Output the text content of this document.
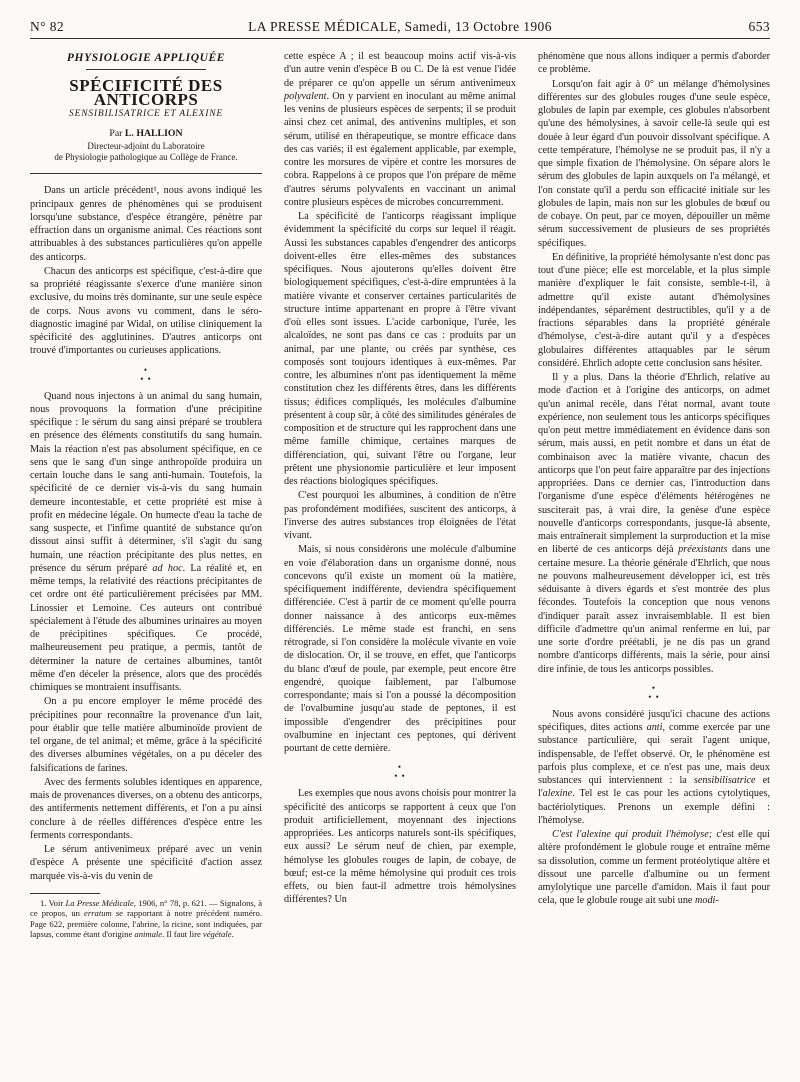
N° 82	LA PRESSE MÉDICALE, Samedi, 13 Octobre 1906	653
PHYSIOLOGIE APPLIQUÉE
SPÉCIFICITÉ DES ANTICORPS
SENSIBILISATRICE ET ALEXINE
Par L. HALLION
Directeur-adjoint du Laboratoire
de Physiologie pathologique au Collège de France.

Dans un article précédent¹, nous avons indiqué les principaux genres de phénomènes qui se produisent lorsqu'une substance, d'espèce étrangère, pénètre par effraction dans un organisme animal. Ces réactions sont attribuables à des substances particulières qu'on appelle des anticorps.

Chacun des anticorps est spécifique, c'est-à-dire que sa propriété réagissante s'exerce d'une manière sinon exclusive, du moins très dominante, sur une seule espèce de corps. Nous avons vu comment, dans le séro-diagnostic imaginé par Widal, on utilise cliniquement la spécificité des agglutinines. D'autres anticorps ont trouvé d'importantes ou curieuses applications.

•
• •

Quand nous injectons à un animal du sang humain, nous provoquons la formation d'une précipitine spécifique : le sérum du sang ainsi préparé se troublera en présence des éléments constitutifs du sang humain. Mais la réaction n'est pas absolument spécifique, en ce sens que le sang d'un singe anthropoïde produira un certain louche dans le sang anti-humain. Toutefois, la spécificité de ce dernier vis-à-vis du sang humain demeure incontestable, et cette propriété est mise à profit en médecine légale. On humecte d'eau la tache de sang suspecte, et l'infime quantité de substance qu'on dissout ainsi suffit à déterminer, s'il s'agit du sang humain, une réaction précipitante des plus nettes, en présence du sérum préparé ad hoc. La réalité et, en même temps, la relativité des réactions précipitantes de cet ordre ont été particulièrement précisées par MM. Linossier et Lemoine. Ces auteurs ont contribué spécialement à l'étude des albumines urinaires au moyen de précipitines spécifiques. Ce procédé, malheureusement peu pratique, a permis, tantôt de déterminer la nature de certaines albumines, tantôt même d'en déceler la présence, alors que des procédés chimiques se montraient insuffisants.

On a pu encore employer le même procédé des précipitines pour reconnaître la provenance d'un lait, pour établir que telle matière albuminoïde provient de tel organe, de tel animal; et même, grâce à la spécificité des diverses albumines végétales, on a pu déceler des falsifications de farines.

Avec des ferments solubles identiques en apparence, mais de provenances diverses, on a obtenu des anticorps, des antiferments nettement différents, et l'on a pu ainsi conclure à de réelles différences d'espèce entre les ferments correspondants.

Le sérum antivenimeux préparé avec un venin d'espèce A présente une spécificité d'action assez marquée vis-à-vis du venin de

1. Voir La Presse Médicale, 1906, n° 78, p. 621. — Signalons, à ce propos, un erratum se rapportant à notre précédent numéro. Page 622, première colonne, l'abrine, la ricine, sont indiquées, par lapsus, comme étant d'origine animale. Il faut lire végétale.

cette espèce A ; il est beaucoup moins actif vis-à-vis d'un autre venin d'espèce B ou C. De là est venue l'idée de préparer ce qu'on appelle un sérum antivenimeux polyvalent. On y parvient en inoculant au même animal les venins de plusieurs espèces de serpents; il se produit ainsi chez cet animal, des antivenins multiples, et son sérum, utilisé en thérapeutique, se montre efficace dans des cas variés; il est également applicable, par exemple, contre les morsures de vipère et contre les morsures de cobra. Rappelons à ce propos que l'on prépare de même d'autres sérums polyvalents en vaccinant un animal contre plusieurs espèces de microbes concurremment.

La spécificité de l'anticorps réagissant implique évidemment la spécificité du corps sur lequel il réagit. Aussi les substances capables d'engendrer des anticorps doivent-elles être elles-mêmes des substances spécifiques. Nous ajouterons qu'elles doivent être biologiquement spécifiques, c'est-à-dire empruntées à la matière vivante et conserver certaines particularités de structure intime appartenant en propre à l'être vivant d'où elles sont issues. L'acide carbonique, l'urée, les alcaloïdes, ne sont pas dans ce cas : produits par un animal, par une plante, ou créés par synthèse, ces composés sont toujours identiques à eux-mêmes. Par contre, les albumines n'ont pas identiquement la même constitution chez les différents êtres, dans les différents tissus; édifices compliqués, les molécules d'albumine présentent à coup sûr, à côté des similitudes générales de composition et de structure qui les rapprochent dans une même famille chimique, certaines marques de différenciation, qui, suivant l'être ou l'organe, leur prêtent une physionomie particulière et leur imposent des réactions biologiques spécifiques.

C'est pourquoi les albumines, à condition de n'être pas profondément modifiées, suscitent des anticorps, à l'inverse des autres substances trop éloignées de l'état vivant.

Mais, si nous considérons une molécule d'albumine en voie d'élaboration dans un organisme donné, nous concevons qu'il existe un moment où la matière, spécifiquement indifférente, deviendra spécifiquement différenciée. C'est à partir de ce moment qu'elle pourra donner naissance à des anticorps eux-mêmes différenciés. Le même stade est franchi, en sens rétrograde, si l'on considère la molécule vivante en voie de dislocation. Or, il se trouve, en effet, que l'anticorps du blanc d'œuf de poule, par exemple, peut encore être engendré, quoique faiblement, par l'albumose correspondante; mais si l'on a poussé la décomposition de l'ovalbumine jusqu'au stade de peptones, il est impossible d'engendrer des précipitines pour ovalbumine en injectant ces peptones, qui dérivent pourtant de cette dernière.

•
• •

Les exemples que nous avons choisis pour montrer la spécificité des anticorps se rapportent à ceux que l'on produit artificiellement, moyennant des injections appropriées. Les anticorps naturels sont-ils spécifiques, eux aussi? Le sérum neuf de chien, par exemple, hémolyse les globules rouges de lapin, de cobaye, de bœuf; est-ce la même hémolysine qui produit ces trois effets, ou bien faut-il admettre trois hémolysines différentes? Un

phénomène que nous allons indiquer a permis d'aborder ce problème.

Lorsqu'on fait agir à 0° un mélange d'hémolysines différentes sur des globules rouges d'une seule espèce, globules de lapin par exemple, ces globules n'absorbent qu'une des hémolysines, à savoir celle-là seule qui est douée à leur égard d'un pouvoir dissolvant spécifique. A cette température, l'hémolyse ne se produit pas, il n'y a que simple fixation de l'hémolysine. On sépare alors le sérum des globules de lapin auxquels on l'a mélangé, et l'on constate qu'il a perdu son efficacité initiale sur les globules de lapin, mais non sur les globules de bœuf ou de cobaye. On peut, par ce moyen, dépouiller un même sérum successivement de plusieurs de ses propriétés spécifiques.

En définitive, la propriété hémolysante n'est donc pas tout d'une pièce; elle est morcelable, et la plus simple manière d'expliquer le fait consiste, semble-t-il, à admettre qu'il existe autant d'hémolysines indépendantes, séparément destructibles, qu'il y a de fractions séparables dans la propriété générale d'hémolyse, c'est-à-dire autant qu'il y a d'espèces globulaires différentes attaquables par le sérum considéré. Ehrlich adopte cette conclusion sans hésiter.

Il y a plus. Dans la théorie d'Ehrlich, relative au mode d'action et à l'origine des anticorps, on admet qu'un animal recèle, dans l'état normal, avant toute expérience, non seulement tous les anticorps spécifiques qu'on peut mettre immédiatement en évidence dans son sérum, mais aussi, en petit nombre et dans un état de combinaison avec la matière vivante, chacun des anticorps que l'on peut faire apparaître par des injections appropriées. Dans ce dernier cas, l'introduction dans l'organisme d'une espèce d'éléments hétérogènes ne susciterait pas, à vrai dire, la genèse d'une espèce nouvelle d'anticorps correspondants, jusque-là absente, mais entraînerait simplement la surproduction et la mise en liberté de ces anticorps déjà préexistants dans une certaine mesure. La théorie générale d'Ehrlich, que nous ne pouvons malheureusement développer ici, est très séduisante à divers égards et s'est montrée des plus fécondes. Toutefois la conception que nous venons d'indiquer paraît assez invraisemblable. Il est bien difficile d'admettre qu'un animal renferme en lui, par une sorte d'ordre préétabli, je ne dis pas un grand nombre d'anticorps différents, mais la série, pour ainsi dire infinie, de tous les anticorps possibles.

•
• •

Nous avons considéré jusqu'ici chacune des actions spécifiques, dites actions anti, comme exercée par une substance particulière, qui serait l'agent unique, indispensable, de l'effet observé. Or, le phénomène est parfois plus complexe, et ce n'est pas une, mais deux substances qui interviennent : la sensibilisatrice et l'alexine. Tel est le cas pour les actions cytolytiques, bactériolytiques. Prenons un exemple défini : l'hémolyse.

C'est l'alexine qui produit l'hémolyse; c'est elle qui altère profondément le globule rouge et entraîne même sa dissolution, comme un ferment protéolytique altère et dissout une parcelle d'albumine ou un ferment amylolytique une parcelle d'amidon. Mais il faut pour cela, que le globule rouge ait subi une modi-
